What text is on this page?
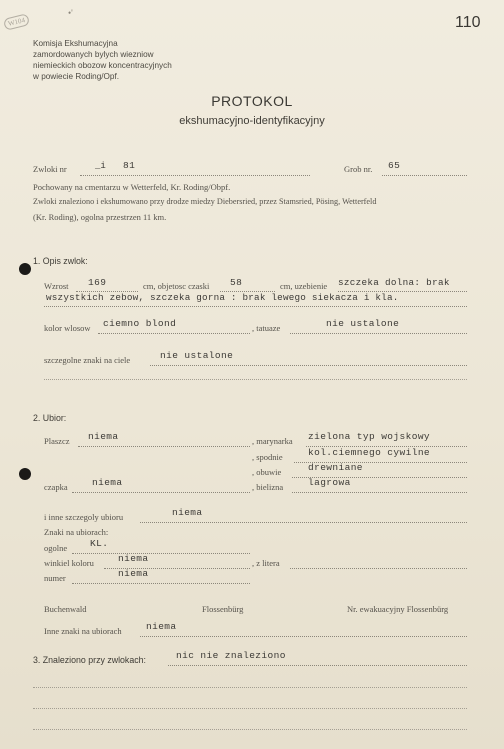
W104
•'
110
Komisja Ekshumacyjna
zamordowanych bylych wiezniow
niemieckich obozow koncentracyjnych
w powiecie Roding/Opf.
PROTOKOL
ekshumacyjno-identyfikacyjny
Zwloki nr	_i 81	Grob nr. 65
Pochowany na cmentarzu w Wetterfeld, Kr. Roding/Obpf.
Zwloki znaleziono i ekshumowano przy drodze miedzy Diebersried, przez Stamsried, Pösing, Wetterfeld
(Kr. Roding), ogolna przestrzen 11 km.
1. Opis zwlok:
Wzrost 169	cm, objetosc czaski 58	cm, uzebienie szczeka dolna: brak
wszystkich zebow, szczeka gorna : brak lewego siekacza i kla.
kolor wlosow ciemno blond	, tatuaze	nie ustalone
szczegolne znaki na ciele	nie ustalone
2. Ubior:
Plaszcz niema	, marynarka zielona typ wojskowy
, spodnie	kol.ciemnego cywilne
, obuwie	drewniane
czapka	niema	, bielizna	lagrowa
i inne szczegoly ubioru	niema
Znaki na ubiorach:
ogolne KL.
winkiel koloru	niema	, z litera
numer	niema
Buchenwald	Flossenbürg	Nr. ewakuacyjny Flossenbürg
Inne znaki na ubiorach	niema
3. Znaleziono przy zwlokach:	nic nie znaleziono
